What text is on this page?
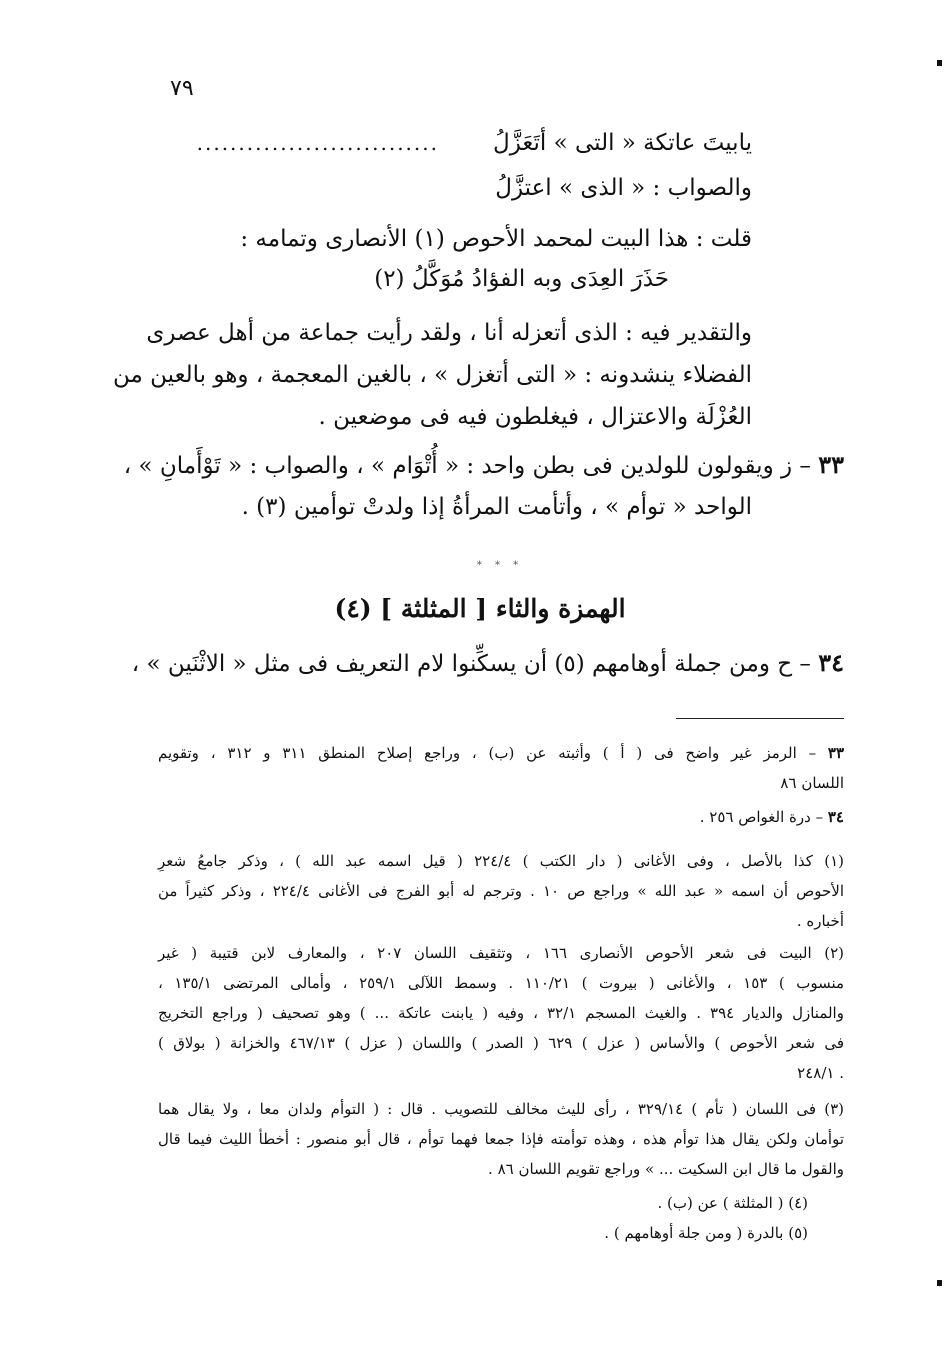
٧٩
يابيتَ عاتكة « التى » أتَعَزَّلُ
.............................
والصواب : « الذى » اعتزَّلُ
قلت : هذا البيت لمحمد الأحوص (١) الأنصارى وتمامه :
حَذَرَ العِدَى وبه الفؤادُ مُوَكَّلُ (٢)
والتقدير فيه : الذى أتعزله أنا ، ولقد رأيت جماعة من أهل عصرى
الفضلاء ينشدونه : « التى أتغزل » ، بالغين المعجمة ، وهو بالعين من
العُزْلَة والاعتزال ، فيغلطون فيه فى موضعين .
٣٣ – ز ويقولون للولدين فى بطن واحد : « أُتْوَام » ، والصواب : « تَوْأَمانِ » ،
الواحد « توأم » ، وأتأمت المرأةُ إذا ولدتْ توأمين (٣) .
* * *
الهمزة والثاء [ المثلثة ] (٤)
٣٤ – ح ومن جملة أوهامهم (٥) أن يسكِّنوا لام التعريف فى مثل « الاثْنَين » ،
٣٣ – الرمز غير واضح فى ( أ ) وأثبته عن (ب) ، وراجع إصلاح المنطق ٣١١ و ٣١٢ ، وتقويم
اللسان ٨٦
٣٤ – درة الغواص ٢٥٦ .
(١) كذا بالأصل ، وفى الأغانى ( دار الكتب ) ٢٢٤/٤ ( قيل اسمه عبد الله ) ، وذكر جامعُ شعرِ
الأحوص أن اسمه « عبد الله » وراجع ص ١٠ . وترجم له أبو الفرج فى الأغانى ٢٢٤/٤ ، وذكر كثيراً من
أخباره .
(٢) البيت فى شعر الأحوص الأنصارى ١٦٦ ، وتثقيف اللسان ٢٠٧ ، والمعارف لابن قتيبة ( غير
منسوب ) ١٥٣ ، والأغانى ( بيروت ) ١١٠/٢١ . وسمط اللآلى ٢٥٩/١ ، وأمالى المرتضى ١٣٥/١ ،
والمنازل والديار ٣٩٤ . والغيث المسجم ٣٢/١ ، وفيه ( يابنت عاتكة ... ) وهو تصحيف ( وراجع التخريج
فى شعر الأحوص ) والأساس ( عزل ) ٦٢٩ ( الصدر ) واللسان ( عزل ) ٤٦٧/١٣ والخزانة ( بولاق )
. ٢٤٨/١
(٣) فى اللسان ( تأم ) ٣٢٩/١٤ ، رأى لليث مخالف للتصويب . قال : ( التوأم ولدان معا ، ولا يقال هما
توأمان ولكن يقال هذا توأم هذه ، وهذه توأمته فإذا جمعا فهما توأم ، قال أبو منصور : أخطأ الليث فيما قال
والقول ما قال ابن السكيت ... » وراجع تقويم اللسان ٨٦ .
(٤) ( المثلثة ) عن (ب) .
(٥) بالدرة ( ومن جلة أوهامهم ) .
